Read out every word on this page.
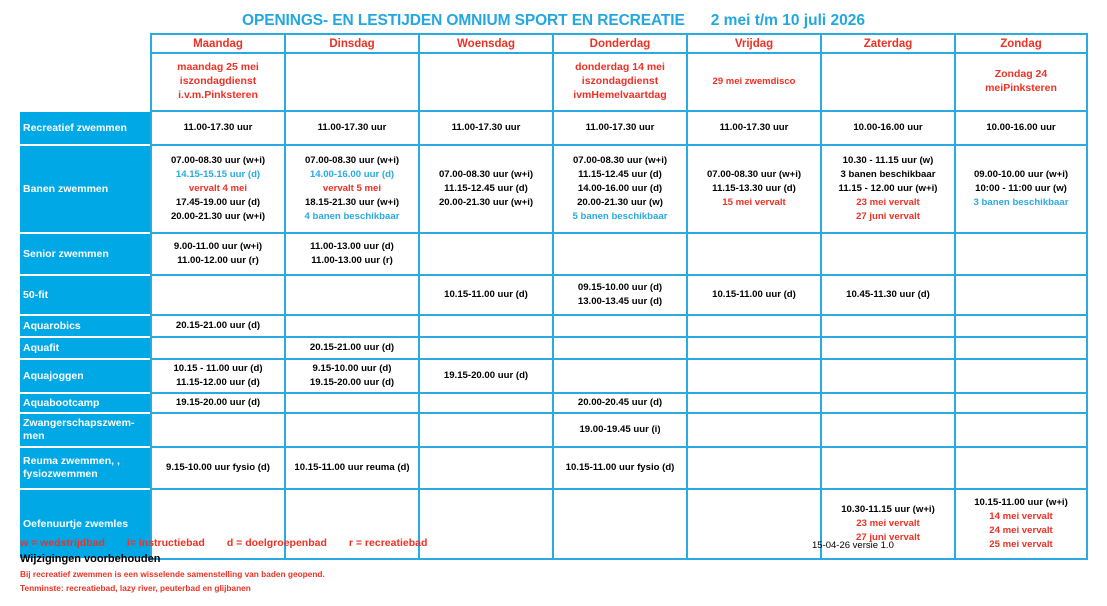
OPENINGS- EN LESTIJDEN OMNIUM SPORT EN RECREATIE 2 mei t/m 10 juli 2026
	Maandag	Dinsdag	Woensdag	Donderdag	Vrijdag	Zaterdag	Zondag
	maandag 25 mei iszondagdienst i.v.m.Pinksteren			donderdag 14 mei iszondagdienst ivmHemelvaartdag	29 mei zwemdisco		Zondag 24 meiPinksteren
Recreatief zwemmen	11.00-17.30 uur	11.00-17.30 uur	11.00-17.30 uur	11.00-17.30 uur	11.00-17.30 uur	10.00-16.00 uur	10.00-16.00 uur

Banen zwemmen	07.00-08.30 uur (w+i)
14.15-15.15 uur (d)
vervalt 4 mei
17.45-19.00 uur (d)
20.00-21.30 uur (w+i)	07.00-08.30 uur (w+i)
14.00-16.00 uur (d)
vervalt 5 mei
18.15-21.30 uur (w+i)
4 banen beschikbaar	07.00-08.30 uur (w+i)
11.15-12.45 uur (d)
20.00-21.30 uur (w+i)	07.00-08.30 uur (w+i)
11.15-12.45 uur (d)
14.00-16.00 uur (d)
20.00-21.30 uur (w)
5 banen beschikbaar	07.00-08.30 uur (w+i)
11.15-13.30 uur (d)
15 mei vervalt	10.30 - 11.15 uur (w)
3 banen beschikbaar
11.15 - 12.00 uur (w+i)
23 mei vervalt
27 juni vervalt	09.00-10.00 uur (w+i)
10:00 - 11:00 uur (w)
3 banen beschikbaar

Senior zwemmen	9.00-11.00 uur (w+i)
11.00-12.00 uur (r)	11.00-13.00 uur (d)
11.00-13.00 uur (r)					

50-fit			10.15-11.00 uur (d)	09.15-10.00 uur (d)
13.00-13.45 uur (d)	10.15-11.00 uur (d)	10.45-11.30 uur (d)	

Aquarobics	20.15-21.00 uur (d)						

Aquafit		20.15-21.00 uur (d)					

Aquajoggen	10.15 - 11.00 uur (d)
11.15-12.00 uur (d)	9.15-10.00 uur (d)
19.15-20.00 uur (d)	19.15-20.00 uur (d)				

Aquabootcamp	19.15-20.00 uur (d)			20.00-20.45 uur (d)			

Zwangerschapszwem-
men				19.00-19.45 uur (i)			

Reuma zwemmen, ,
fysiozwemmen	9.15-10.00 uur fysio (d)	10.15-11.00 uur reuma (d)		10.15-11.00 uur fysio (d)			

Oefenuurtje zwemles						10.30-11.15 uur (w+i)
23 mei vervalt
27 juni vervalt	10.15-11.00 uur (w+i)
14 mei vervalt
24 mei vervalt
25 mei vervalt
w = wedstrijdbad i= instructiebad d = doelgroepenbad r = recreatiebad
Wijzigingen voorbehouden
Bij recreatief zwemmen is een wisselende samenstelling van baden geopend.
Tenminste: recreatiebad, lazy river, peuterbad en glijbanen
15-04-26 versie 1.0
